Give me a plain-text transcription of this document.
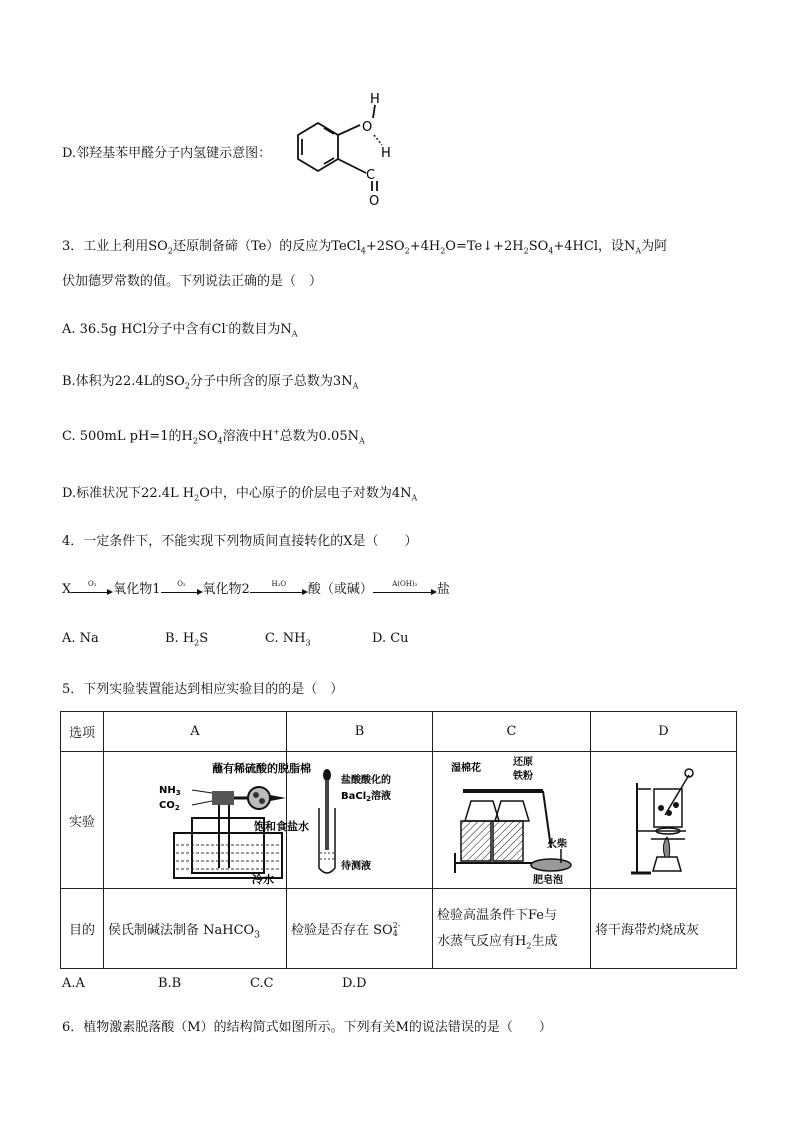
D.邻羟基苯甲醛分子内氢键示意图：
H
O
H
C
O
3．工业上利用$SO_2$还原制备碲（Te）的反应为$TeCl_4+2SO_2+4H_2O=Te↓+2H_2SO_4+4HCl$，设$N_A$为阿
伏加德罗常数的值。下列说法正确的是（　）
A. 36.5g HCl分子中含有Cl-的数目为$N_A$
B.体积为22.4L的$SO_2$分子中所含的原子总数为$3N_A$
C. 500mL pH=1的$H_2SO_4$溶液中H+总数为$0.05N_A$
D.标准状况下22.4L $H_2O$中，中心原子的价层电子对数为$4N_A$
4．一定条件下，不能实现下列物质间直接转化的X是（　　）
X	O₂	氧化物1	O₂	氧化物2	H₂O	酸（或碱）	A(OH)₂	盐
A. Na	B. $H_2S$	C. $NH_3$	D. Cu
5．下列实验装置能达到相应实验目的的是（　）
选项	A	B	C	D
实验	$NH_3$
$CO_2$
蘸有稀硫酸的脱脂棉
饱和食盐水
冷水	盐酸酸化的
BaCl$_2$溶液
待测液	湿棉花
还原
铁粉
火柴
肥皂泡

目的	侯氏制碱法制备 NaHCO$_3$	检验是否存在 SO2-
4	检验高温条件下Fe与
水蒸气反应有$H_2$生成	将干海带灼烧成灰
A.A	B.B	C.C	D.D
6．植物激素脱落酸（M）的结构简式如图所示。下列有关M的说法错误的是（　　）
